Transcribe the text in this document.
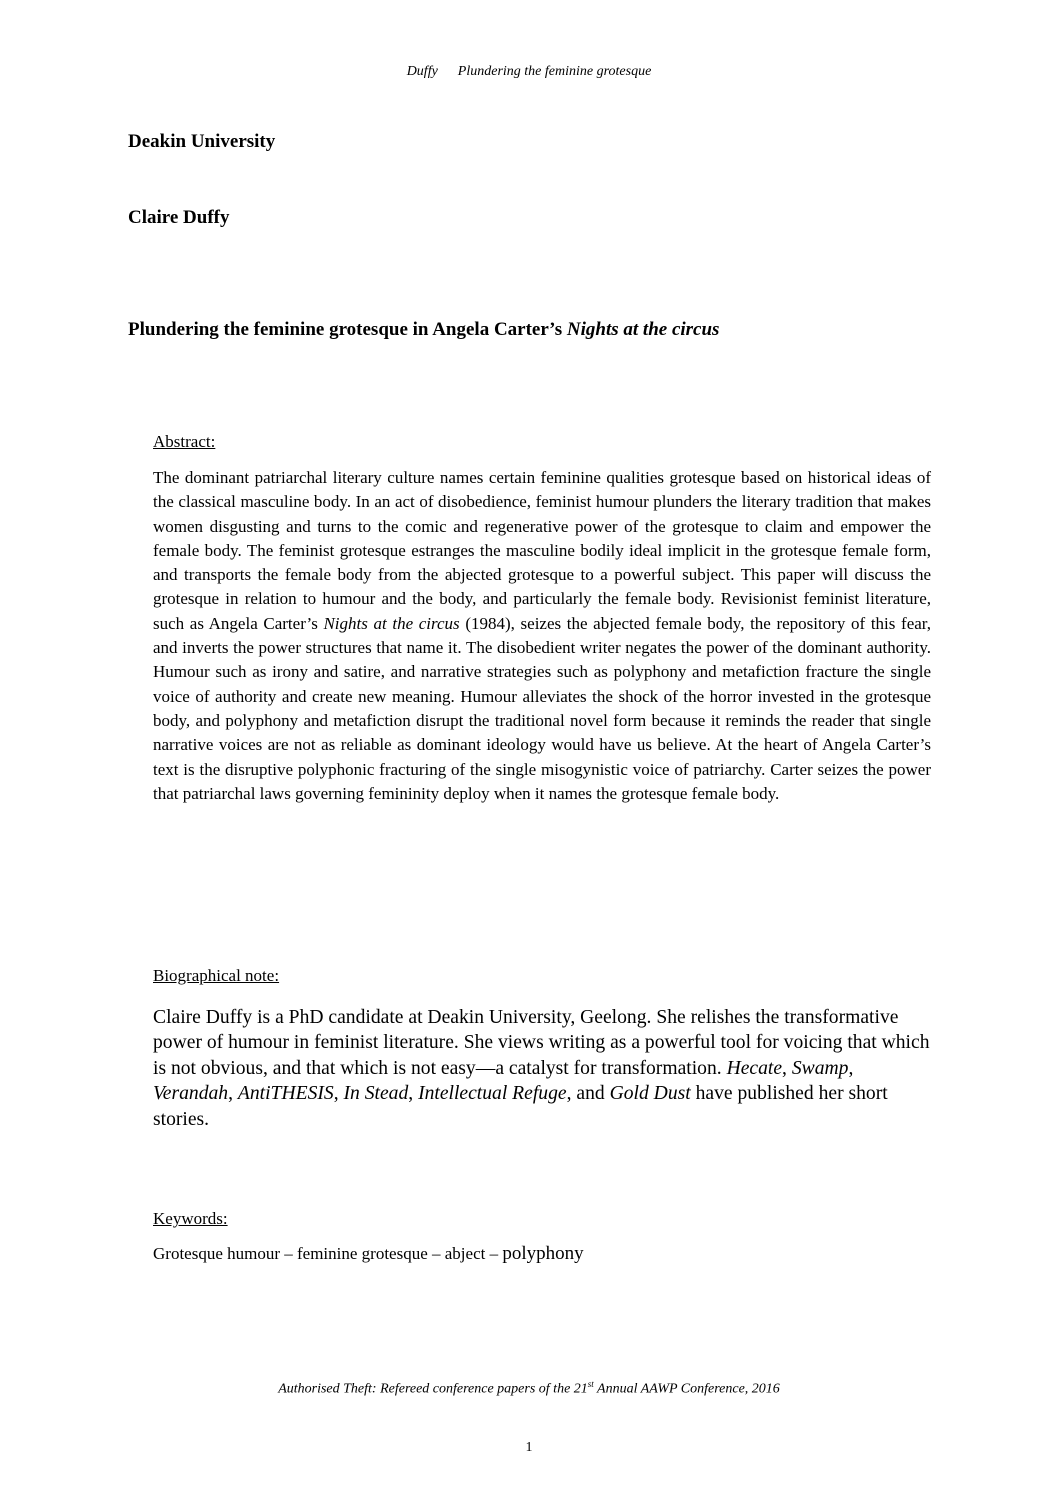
Duffy Plundering the feminine grotesque
Deakin University
Claire Duffy
Plundering the feminine grotesque in Angela Carter’s Nights at the circus
Abstract:
The dominant patriarchal literary culture names certain feminine qualities grotesque based on historical ideas of the classical masculine body. In an act of disobedience, feminist humour plunders the literary tradition that makes women disgusting and turns to the comic and regenerative power of the grotesque to claim and empower the female body. The feminist grotesque estranges the masculine bodily ideal implicit in the grotesque female form, and transports the female body from the abjected grotesque to a powerful subject. This paper will discuss the grotesque in relation to humour and the body, and particularly the female body. Revisionist feminist literature, such as Angela Carter’s Nights at the circus (1984), seizes the abjected female body, the repository of this fear, and inverts the power structures that name it. The disobedient writer negates the power of the dominant authority. Humour such as irony and satire, and narrative strategies such as polyphony and metafiction fracture the single voice of authority and create new meaning. Humour alleviates the shock of the horror invested in the grotesque body, and polyphony and metafiction disrupt the traditional novel form because it reminds the reader that single narrative voices are not as reliable as dominant ideology would have us believe. At the heart of Angela Carter’s text is the disruptive polyphonic fracturing of the single misogynistic voice of patriarchy. Carter seizes the power that patriarchal laws governing femininity deploy when it names the grotesque female body.
Biographical note:
Claire Duffy is a PhD candidate at Deakin University, Geelong. She relishes the transformative power of humour in feminist literature. She views writing as a powerful tool for voicing that which is not obvious, and that which is not easy—a catalyst for transformation. Hecate, Swamp, Verandah, AntiTHESIS, In Stead, Intellectual Refuge, and Gold Dust have published her short stories.
Keywords:
Grotesque humour – feminine grotesque – abject – polyphony
Authorised Theft: Refereed conference papers of the 21st Annual AAWP Conference, 2016
1
